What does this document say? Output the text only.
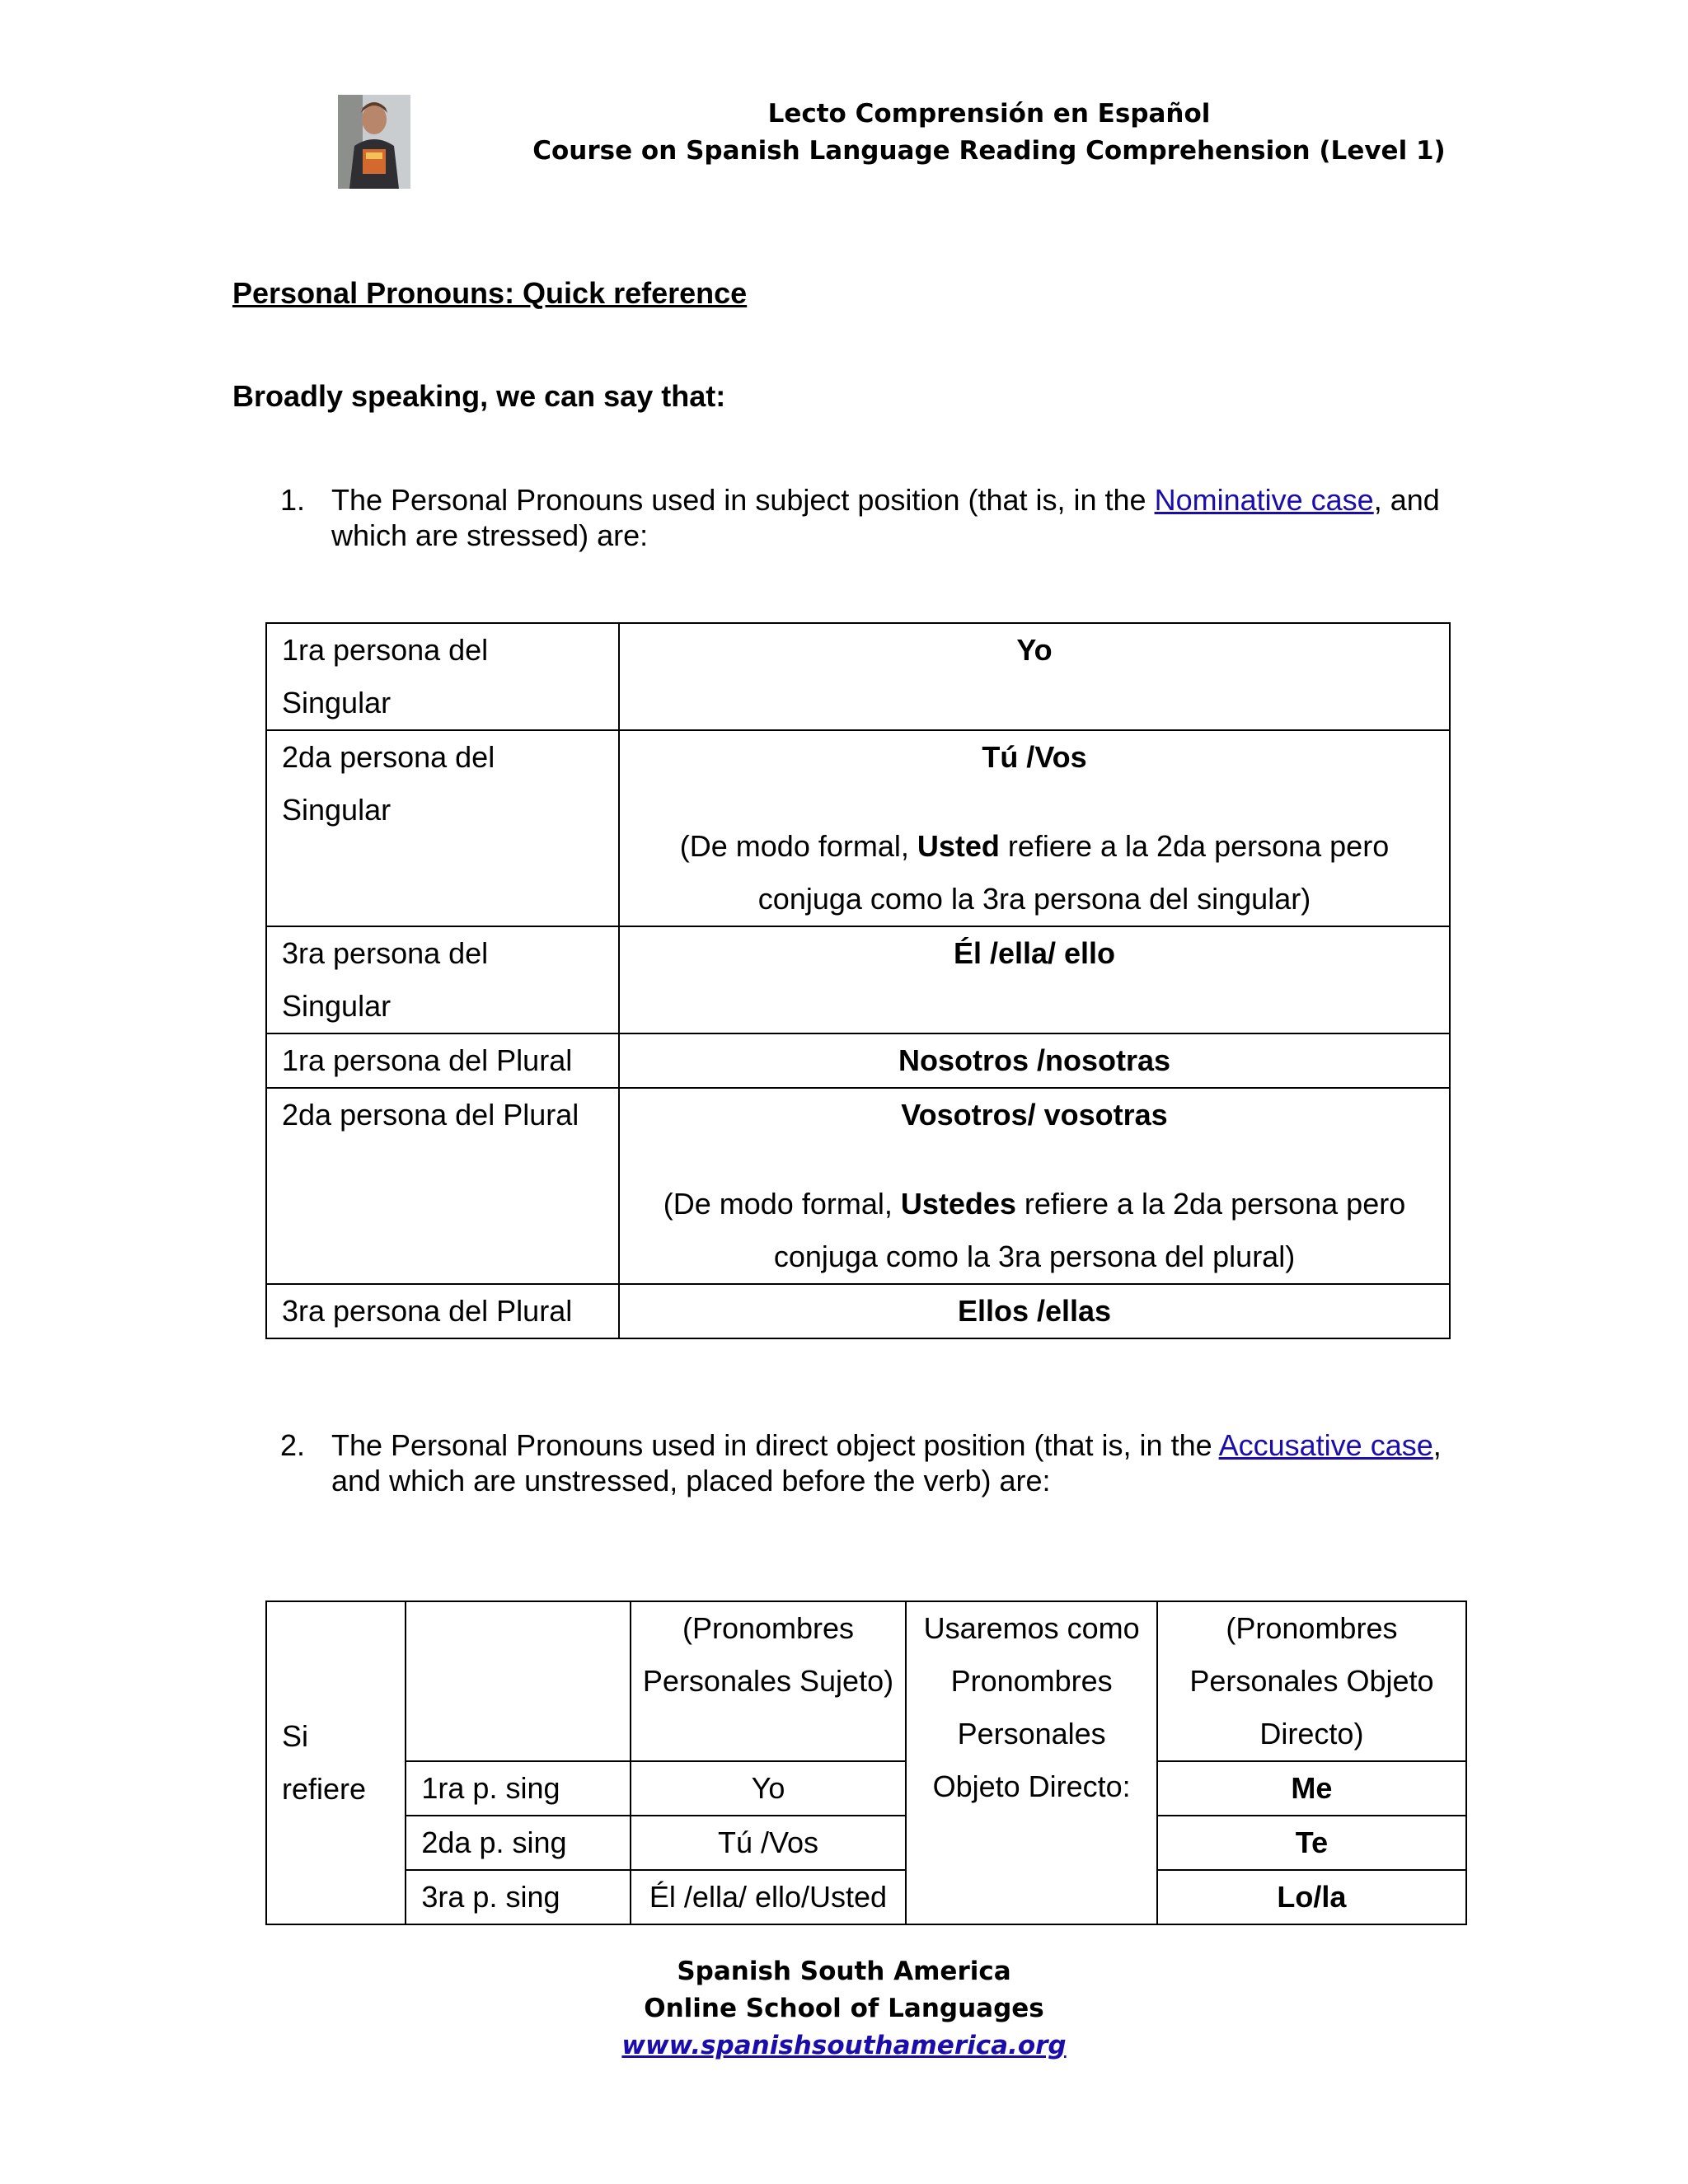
Lecto Comprensión en Español
Course on Spanish Language Reading Comprehension (Level 1)
Personal Pronouns: Quick reference
Broadly speaking, we can say that:
1. The Personal Pronouns used in subject position (that is, in the Nominative case, and which are stressed) are:
1ra persona del Singular	Yo
2da persona del Singular	Tú /Vos
(De modo formal, Usted refiere a la 2da persona pero conjuga como la 3ra persona del singular)

3ra persona del Singular	Él /ella/ ello
1ra persona del Plural	Nosotros /nosotras
2da persona del Plural	Vosotros/ vosotras
(De modo formal, Ustedes refiere a la 2da persona pero conjuga como la 3ra persona del plural)

3ra persona del Plural	Ellos /ellas
2. The Personal Pronouns used in direct object position (that is, in the Accusative case, and which are unstressed, placed before the verb) are:
Si refiere		(Pronombres Personales Sujeto)	Usaremos como Pronombres Personales Objeto Directo:	(Pronombres Personales Objeto Directo)
	1ra p. sing	Yo		Me
	2da p. sing	Tú /Vos		Te
	3ra p. sing	Él /ella/ ello/Usted		Lo/la
Spanish South America
Online School of Languages
www.spanishsouthamerica.org
